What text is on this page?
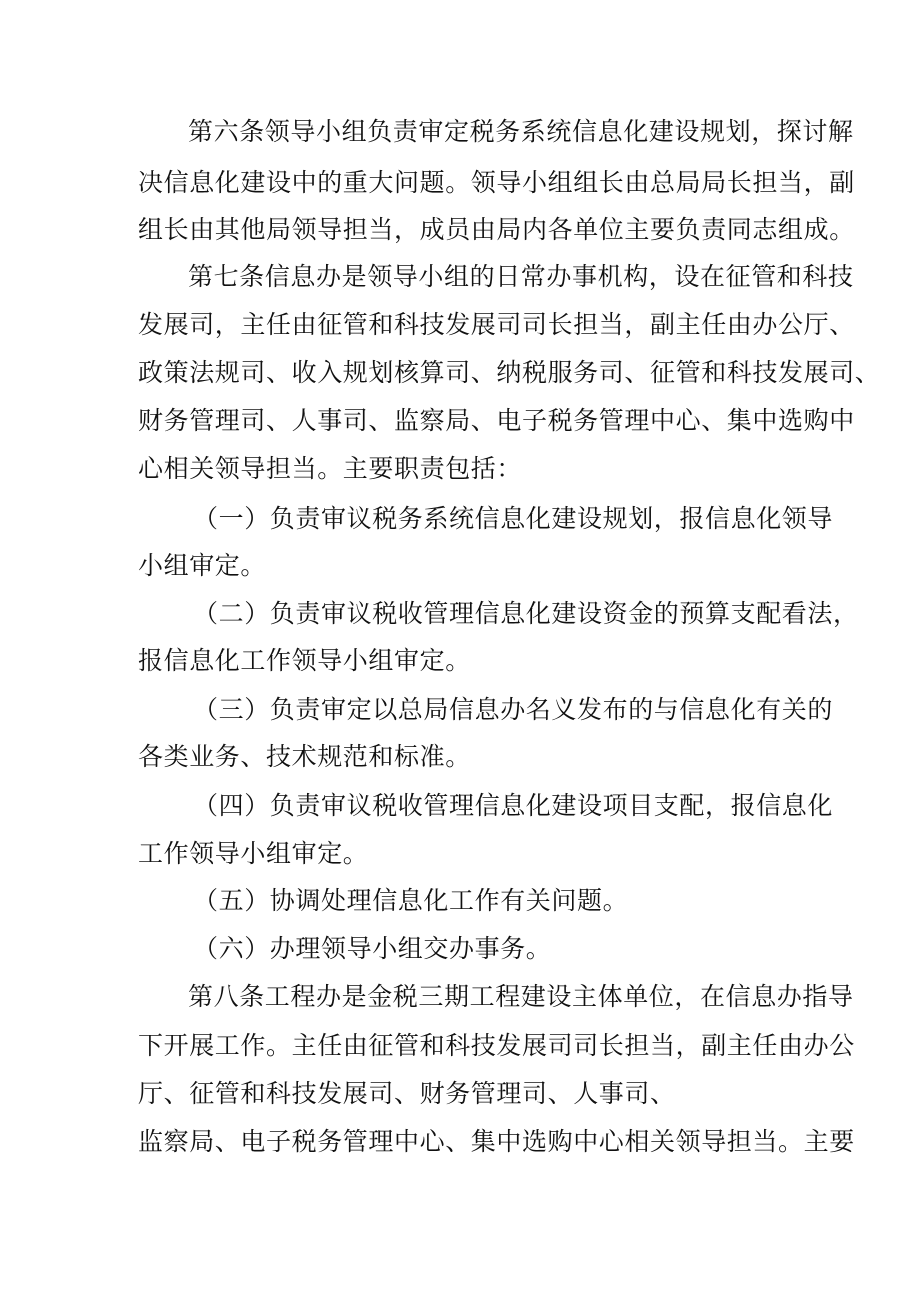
第六条领导小组负责审定税务系统信息化建设规划，探讨解
决信息化建设中的重大问题。领导小组组长由总局局长担当，副
组长由其他局领导担当，成员由局内各单位主要负责同志组成。
第七条信息办是领导小组的日常办事机构，设在征管和科技
发展司，主任由征管和科技发展司司长担当，副主任由办公厅、
政策法规司、收入规划核算司、纳税服务司、征管和科技发展司、
财务管理司、人事司、监察局、电子税务管理中心、集中选购中
心相关领导担当。主要职责包括：
（一）负责审议税务系统信息化建设规划，报信息化领导
小组审定。
（二）负责审议税收管理信息化建设资金的预算支配看法，
报信息化工作领导小组审定。
（三）负责审定以总局信息办名义发布的与信息化有关的
各类业务、技术规范和标准。
（四）负责审议税收管理信息化建设项目支配，报信息化
工作领导小组审定。
（五）协调处理信息化工作有关问题。
（六）办理领导小组交办事务。
第八条工程办是金税三期工程建设主体单位，在信息办指导
下开展工作。主任由征管和科技发展司司长担当，副主任由办公
厅、征管和科技发展司、财务管理司、人事司、
监察局、电子税务管理中心、集中选购中心相关领导担当。主要
